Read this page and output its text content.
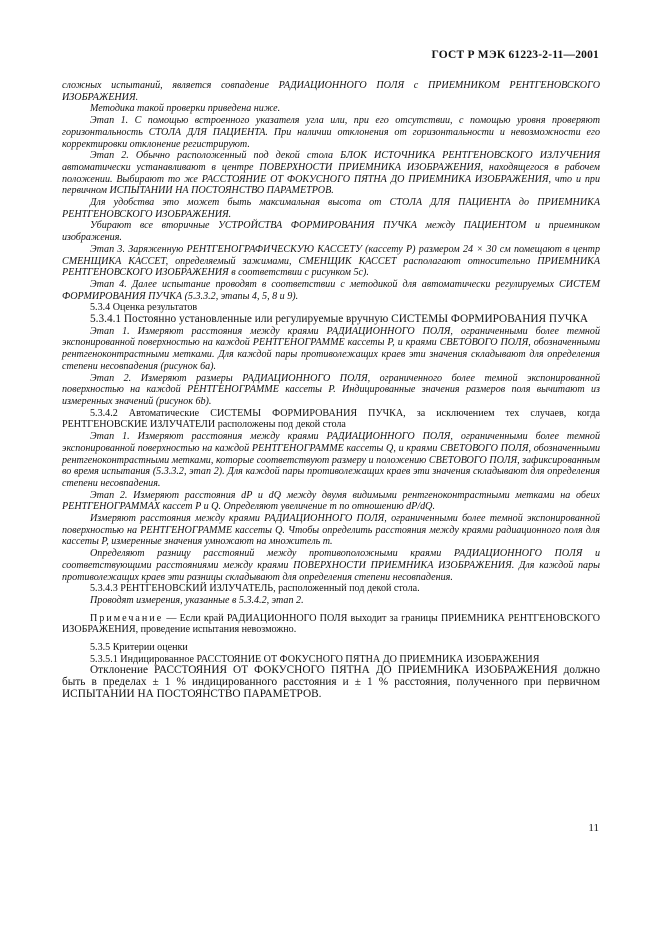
ГОСТ Р МЭК 61223-2-11—2001

сложных испытаний, является совпадение РАДИАЦИОННОГО ПОЛЯ с ПРИЕМНИКОМ РЕНТГЕНОВСКОГО ИЗОБРАЖЕНИЯ.

Методика такой проверки приведена ниже.

Этап 1. С помощью встроенного указателя угла или, при его отсутствии, с помощью уровня проверяют горизонтальность СТОЛА ДЛЯ ПАЦИЕНТА. При наличии отклонения от горизонтальности и невозможности его корректировки отклонение регистрируют.

Этап 2. Обычно расположенный под декой стола БЛОК ИСТОЧНИКА РЕНТГЕНОВСКОГО ИЗЛУЧЕНИЯ автоматически устанавливают в центре ПОВЕРХНОСТИ ПРИЕМНИКА ИЗОБРАЖЕНИЯ, находящегося в рабочем положении. Выбирают то же РАССТОЯНИЕ ОТ ФОКУСНОГО ПЯТНА ДО ПРИЕМНИКА ИЗОБРАЖЕНИЯ, что и при первичном ИСПЫТАНИИ НА ПОСТОЯНСТВО ПАРАМЕТРОВ.

Для удобства это может быть максимальная высота от СТОЛА ДЛЯ ПАЦИЕНТА до ПРИЕМНИКА РЕНТГЕНОВСКОГО ИЗОБРАЖЕНИЯ.

Убирают все вторичные УСТРОЙСТВА ФОРМИРОВАНИЯ ПУЧКА между ПАЦИЕНТОМ и приемником изображения.

Этап 3. Заряженную РЕНТГЕНОГРАФИЧЕСКУЮ КАССЕТУ (кассету P) размером 24 × 30 см помещают в центр СМЕНЩИКА КАССЕТ, определяемый зажимами, СМЕНЩИК КАССЕТ располагают относительно ПРИЕМНИКА РЕНТГЕНОВСКОГО ИЗОБРАЖЕНИЯ в соответствии с рисунком 5c).

Этап 4. Далее испытание проводят в соответствии с методикой для автоматически регулируемых СИСТЕМ ФОРМИРОВАНИЯ ПУЧКА (5.3.3.2, этапы 4, 5, 8 и 9).

5.3.4 Оценка результатов

5.3.4.1 Постоянно установленные или регулируемые вручную СИСТЕМЫ ФОРМИРОВАНИЯ ПУЧКА

Этап 1. Измеряют расстояния между краями РАДИАЦИОННОГО ПОЛЯ, ограниченными более темной экспонированной поверхностью на каждой РЕНТГЕНОГРАММЕ кассеты P, и краями СВЕТОВОГО ПОЛЯ, обозначенными рентгеноконтрастными метками. Для каждой пары противолежащих краев эти значения складывают для определения степени несовпадения (рисунок 6a).

Этап 2. Измеряют размеры РАДИАЦИОННОГО ПОЛЯ, ограниченного более темной экспонированной поверхностью на каждой РЕНТГЕНОГРАММЕ кассеты P. Индицированные значения размеров поля вычитают из измеренных значений (рисунок 6b).

5.3.4.2 Автоматические СИСТЕМЫ ФОРМИРОВАНИЯ ПУЧКА, за исключением тех случаев, когда РЕНТГЕНОВСКИЕ ИЗЛУЧАТЕЛИ расположены под декой стола

Этап 1. Измеряют расстояния между краями РАДИАЦИОННОГО ПОЛЯ, ограниченными более темной экспонированной поверхностью на каждой РЕНТГЕНОГРАММЕ кассеты Q, и краями СВЕТОВОГО ПОЛЯ, обозначенными рентгеноконтрастными метками, которые соответствуют размеру и положению СВЕТОВОГО ПОЛЯ, зафиксированным во время испытания (5.3.3.2, этап 2). Для каждой пары противолежащих краев эти значения складывают для определения степени несовпадения.

Этап 2. Измеряют расстояния dP и dQ между двумя видимыми рентгеноконтрастными метками на обеих РЕНТГЕНОГРАММАХ кассет P и Q. Определяют увеличение m по отношению dP/dQ.

Измеряют расстояния между краями РАДИАЦИОННОГО ПОЛЯ, ограниченными более темной экспонированной поверхностью на РЕНТГЕНОГРАММЕ кассеты Q. Чтобы определить расстояния между краями радиационного поля для кассеты P, измеренные значения умножают на множитель m.

Определяют разницу расстояний между противоположными краями РАДИАЦИОННОГО ПОЛЯ и соответствующими расстояниями между краями ПОВЕРХНОСТИ ПРИЕМНИКА ИЗОБРАЖЕНИЯ. Для каждой пары противолежащих краев эти разницы складывают для определения степени несовпадения.

5.3.4.3 РЕНТГЕНОВСКИЙ ИЗЛУЧАТЕЛЬ, расположенный под декой стола.

Проводят измерения, указанные в 5.3.4.2, этап 2.

Примечание — Если край РАДИАЦИОННОГО ПОЛЯ выходит за границы ПРИЕМНИКА РЕНТГЕНОВСКОГО ИЗОБРАЖЕНИЯ, проведение испытания невозможно.

5.3.5 Критерии оценки

5.3.5.1 Индицированное РАССТОЯНИЕ ОТ ФОКУСНОГО ПЯТНА ДО ПРИЕМНИКА ИЗОБРАЖЕНИЯ

Отклонение РАССТОЯНИЯ ОТ ФОКУСНОГО ПЯТНА ДО ПРИЕМНИКА ИЗОБРАЖЕНИЯ должно быть в пределах ± 1 % индицированного расстояния и ± 1 % расстояния, полученного при первичном ИСПЫТАНИИ НА ПОСТОЯНСТВО ПАРАМЕТРОВ.

11
